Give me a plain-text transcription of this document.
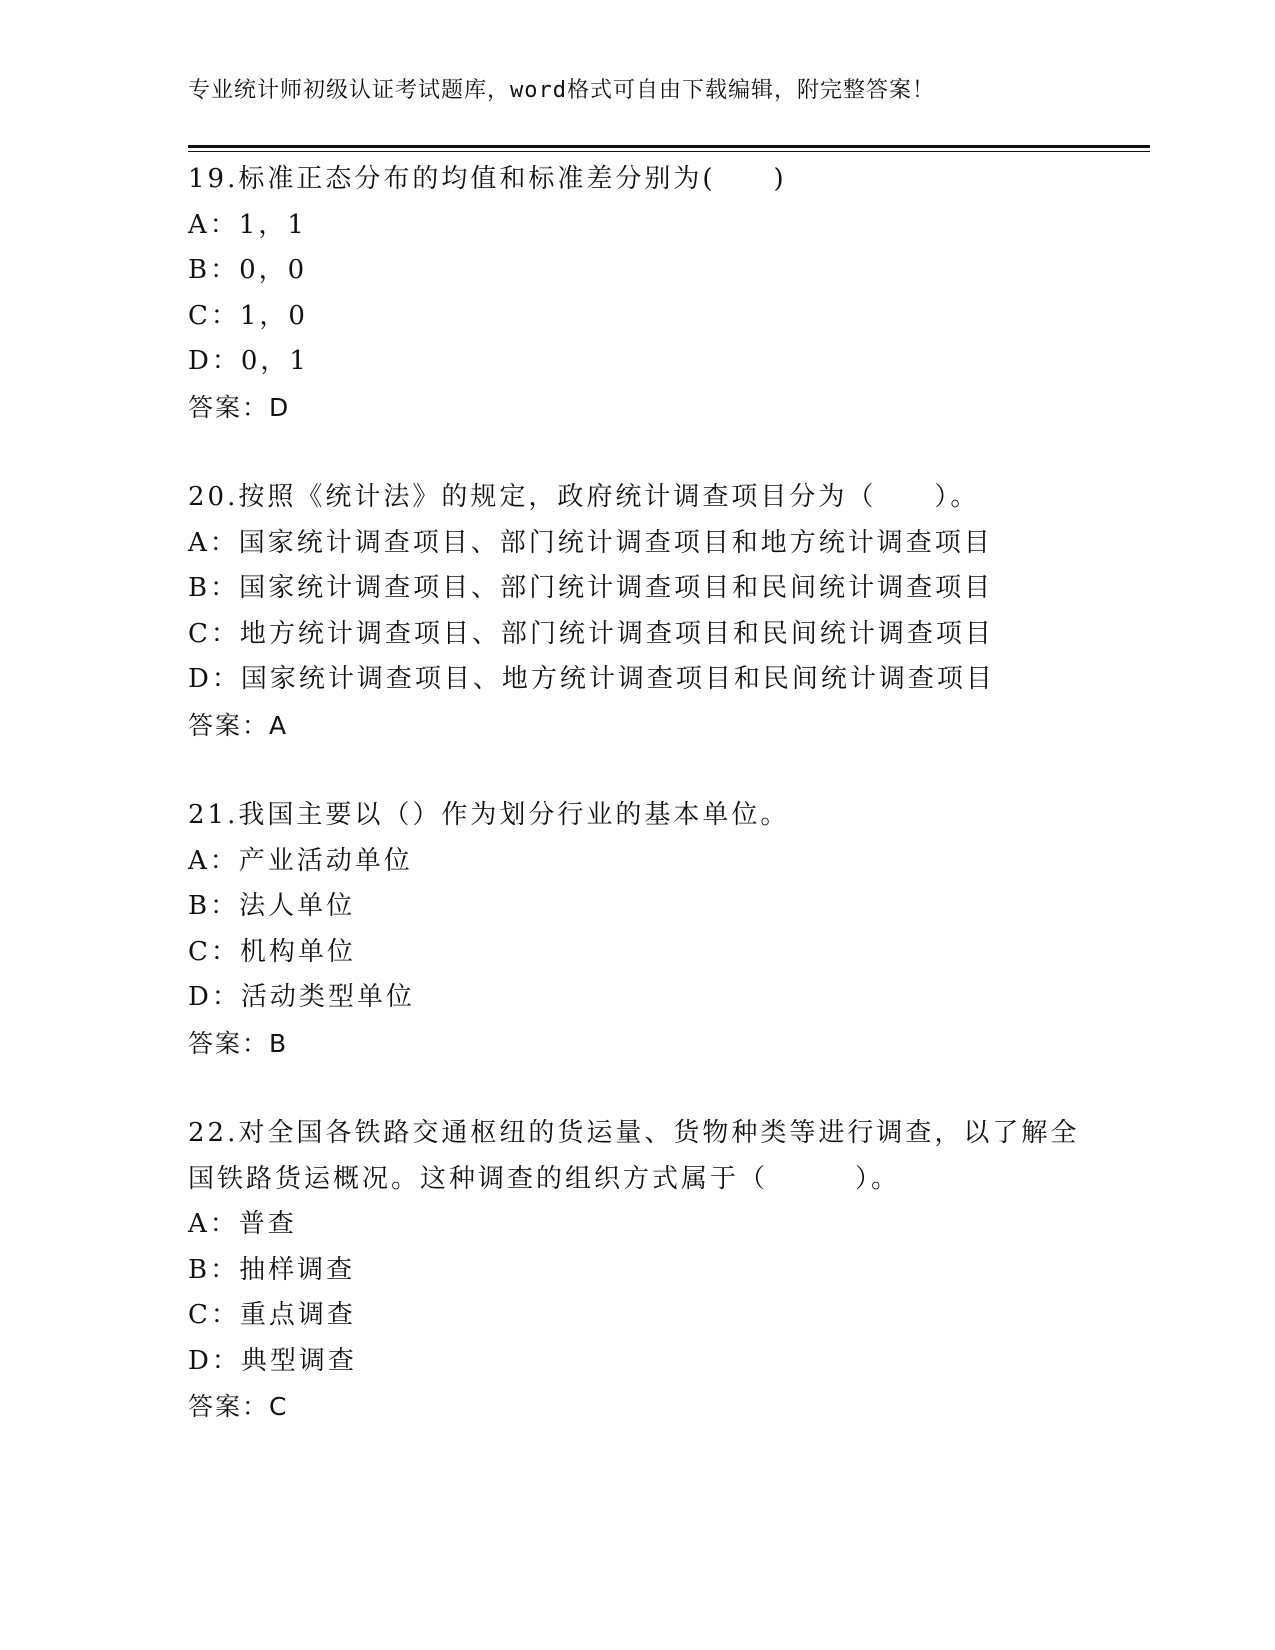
专业统计师初级认证考试题库，word格式可自由下载编辑，附完整答案！
19.标准正态分布的均值和标准差分别为(　　)
A：1，1
B：0，0
C：1，0
D：0，1
答案：D
20.按照《统计法》的规定，政府统计调查项目分为（　　）。
A：国家统计调查项目、部门统计调查项目和地方统计调查项目
B：国家统计调查项目、部门统计调查项目和民间统计调查项目
C：地方统计调查项目、部门统计调查项目和民间统计调查项目
D：国家统计调查项目、地方统计调查项目和民间统计调查项目
答案：A
21.我国主要以（）作为划分行业的基本单位。
A：产业活动单位
B：法人单位
C：机构单位
D：活动类型单位
答案：B
22.对全国各铁路交通枢纽的货运量、货物种类等进行调查，以了解全国铁路货运概况。这种调查的组织方式属于（　　　）。
A：普查
B：抽样调查
C：重点调查
D：典型调查
答案：C
